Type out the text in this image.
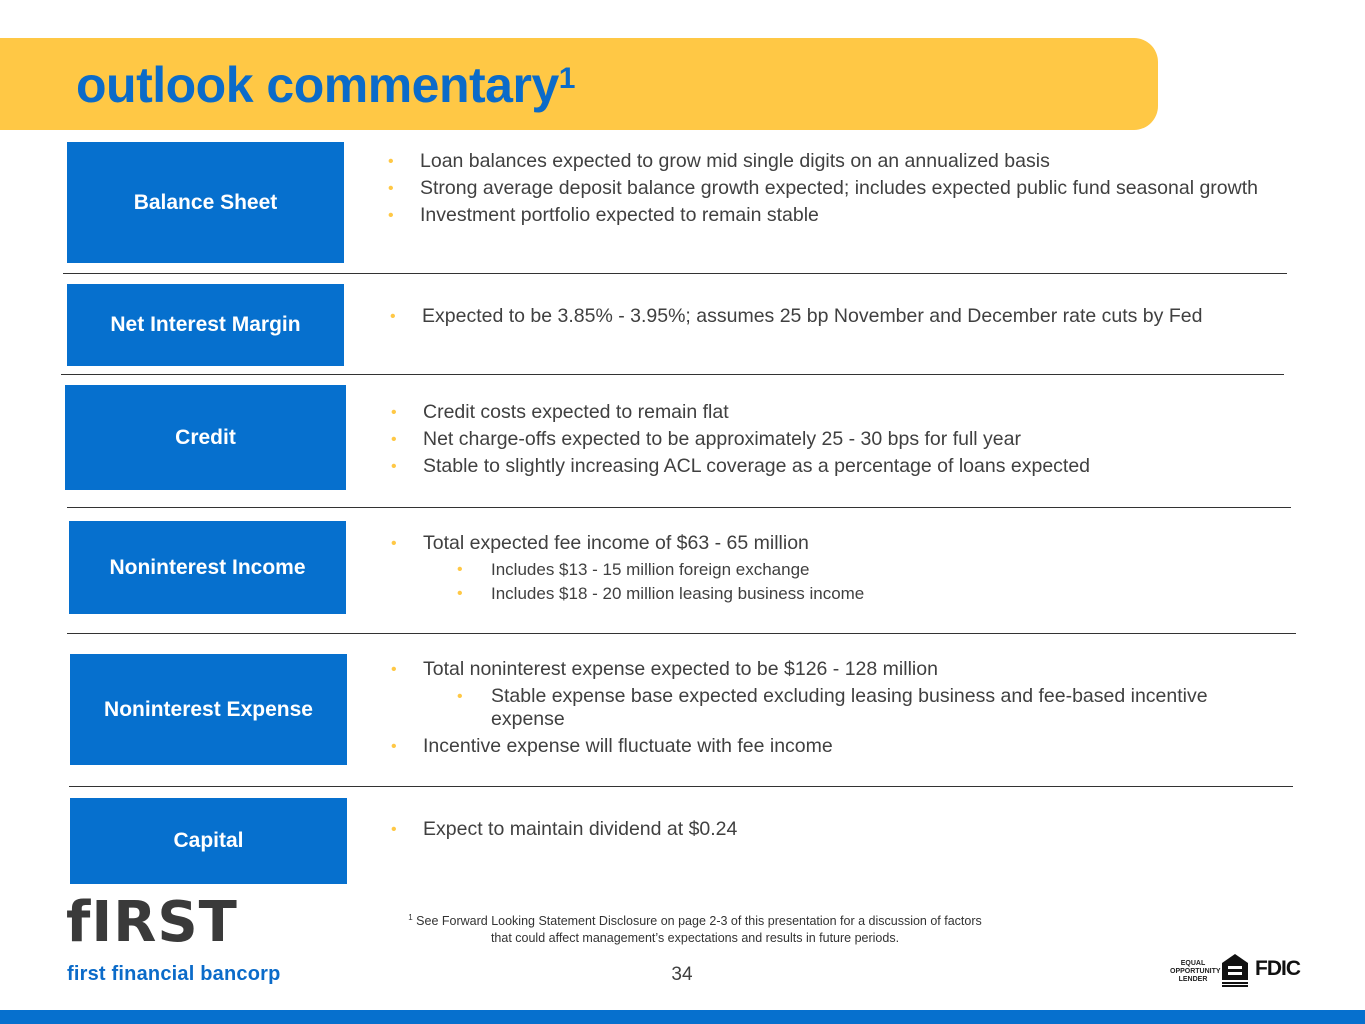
outlook commentary$^1$
Balance Sheet
• Loan balances expected to grow mid single digits on an annualized basis
• Strong average deposit balance growth expected; includes expected public fund seasonal growth
• Investment portfolio expected to remain stable
Net Interest Margin	• Expected to be 3.85% - 3.95%; assumes 25 bp November and December rate cuts by Fed
Credit
• Credit costs expected to remain flat
• Net charge-offs expected to be approximately 25 - 30 bps for full year
• Stable to slightly increasing ACL coverage as a percentage of loans expected
Noninterest Income
• Total expected fee income of $63 - 65 million
• Includes $13 - 15 million foreign exchange
• Includes $18 - 20 million leasing business income
Noninterest Expense
• Total noninterest expense expected to be $126 - 128 million
• Stable expense base expected excluding leasing business and fee-based incentive expense
• Incentive expense will fluctuate with fee income
Capital	• Expect to maintain dividend at $0.24
$^1$ See Forward Looking Statement Disclosure on page 2-3 of this presentation for a discussion of factors
that could affect management’s expectations and results in future periods.
34
fIRST
first financial bancorp	EQUAL
OPPORTUNITY
LENDER	FDIC
